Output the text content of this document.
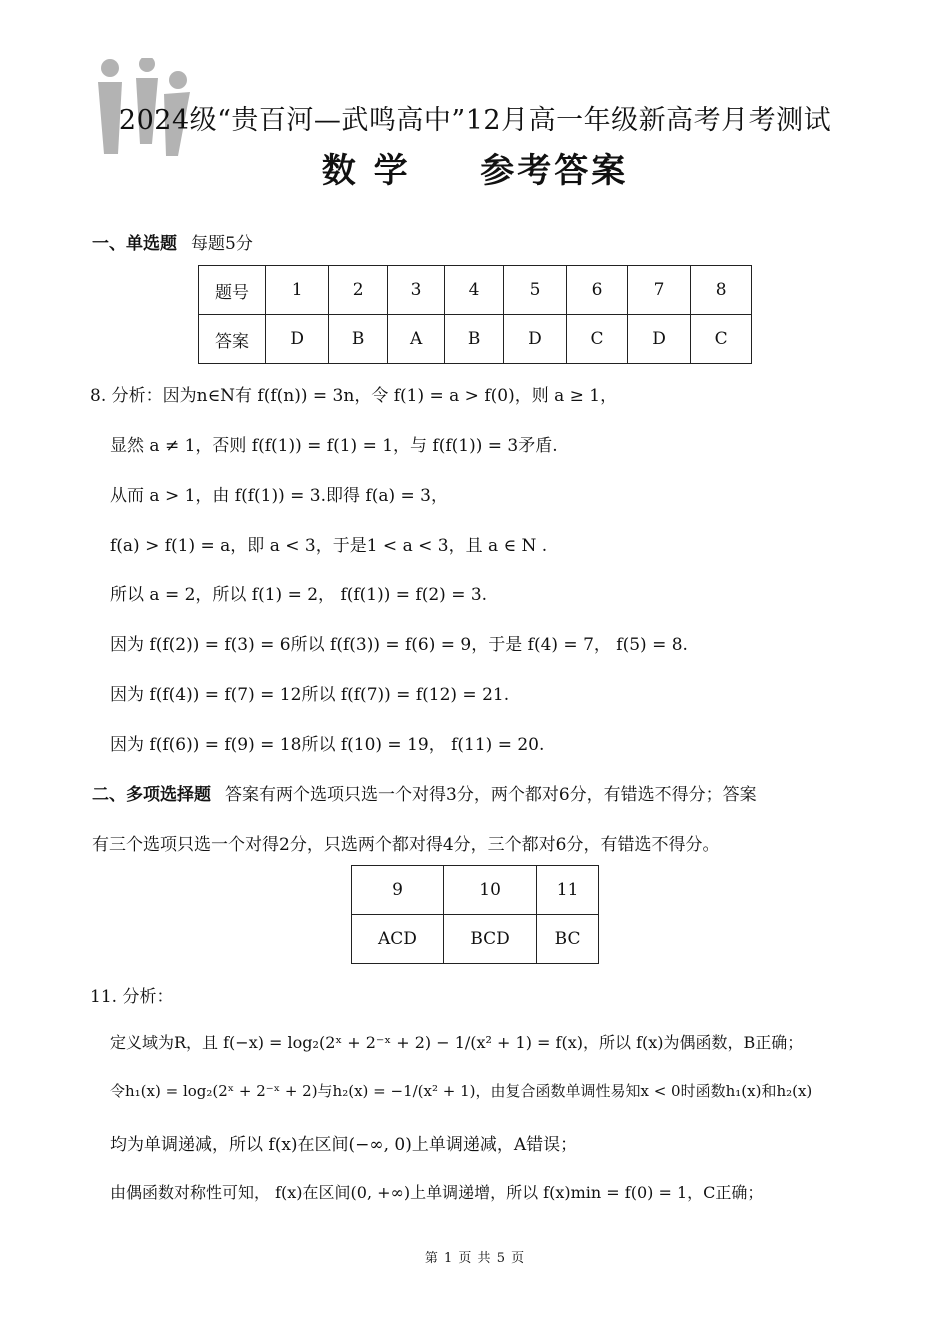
2024级“贵百河—武鸣高中”12月高一年级新高考月考测试
数 学 参考答案
一、单选题 每题5分
题号	1	2	3	4	5	6	7	8
答案	D	B	A	B	D	C	D	C
8. 分析：因为n∈N有 f(f(n)) = 3n，令 f(1) = a > f(0)，则 a ≥ 1，
显然 a ≠ 1，否则 f(f(1)) = f(1) = 1，与 f(f(1)) = 3矛盾.
从而 a > 1，由 f(f(1)) = 3.即得 f(a) = 3，
f(a) > f(1) = a，即 a < 3，于是1 < a < 3，且 a ∈ N .
所以 a = 2，所以 f(1) = 2， f(f(1)) = f(2) = 3.
因为 f(f(2)) = f(3) = 6所以 f(f(3)) = f(6) = 9，于是 f(4) = 7， f(5) = 8.
因为 f(f(4)) = f(7) = 12所以 f(f(7)) = f(12) = 21.
因为 f(f(6)) = f(9) = 18所以 f(10) = 19， f(11) = 20.
二、多项选择题 答案有两个选项只选一个对得3分，两个都对6分，有错选不得分；答案
有三个选项只选一个对得2分，只选两个都对得4分，三个都对6分，有错选不得分。
9	10	11
ACD	BCD	BC
11. 分析：
定义域为R，且 f(−x) = log₂(2ˣ + 2⁻ˣ + 2) − 1/(x² + 1) = f(x)，所以 f(x)为偶函数，B正确；
令h₁(x) = log₂(2ˣ + 2⁻ˣ + 2)与h₂(x) = −1/(x² + 1)，由复合函数单调性易知x < 0时函数h₁(x)和h₂(x)
均为单调递减，所以 f(x)在区间(−∞, 0)上单调递减，A错误；
由偶函数对称性可知， f(x)在区间(0, +∞)上单调递增，所以 f(x)min = f(0) = 1，C正确；
第 1 页 共 5 页
